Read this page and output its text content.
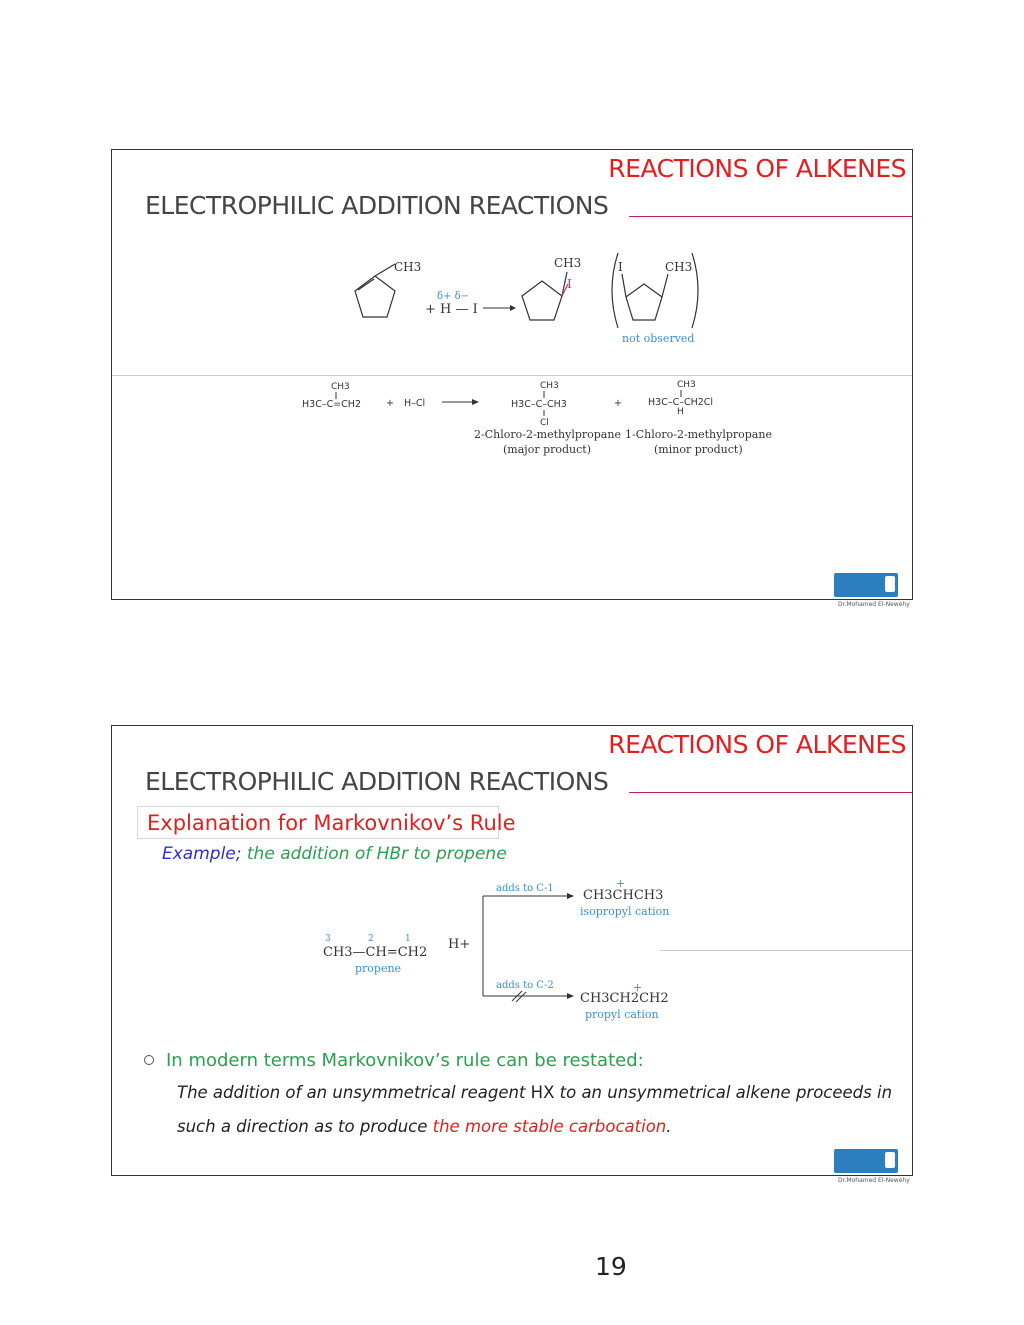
REACTIONS OF ALKENES
ELECTROPHILIC ADDITION REACTIONS
CH3
δ+ δ−
+ H — I
CH3
I
I	CH3
not observed
CH3
H3C–C=CH2	+ H–Cl
CH3
H3C–C–CH3
Cl
+
CH3
H3C–C–CH2Cl
H
2-Chloro-2-methylpropane
(major product)
1-Chloro-2-methylpropane
(minor product)
Dr.Mohamed El-Newehy
REACTIONS OF ALKENES
ELECTROPHILIC ADDITION REACTIONS
Explanation for Markovnikov’s Rule
Example; the addition of HBr to propene
3	2	1
CH3—CH=CH2
propene
H+
adds to C-1	+
CH3CHCH3
isopropyl cation
adds to C-2	+
CH3CH2CH2
propyl cation
In modern terms Markovnikov’s rule can be restated:
The addition of an unsymmetrical reagent HX to an unsymmetrical alkene proceeds in
such a direction as to produce the more stable carbocation.
Dr.Mohamed El-Newehy
19
